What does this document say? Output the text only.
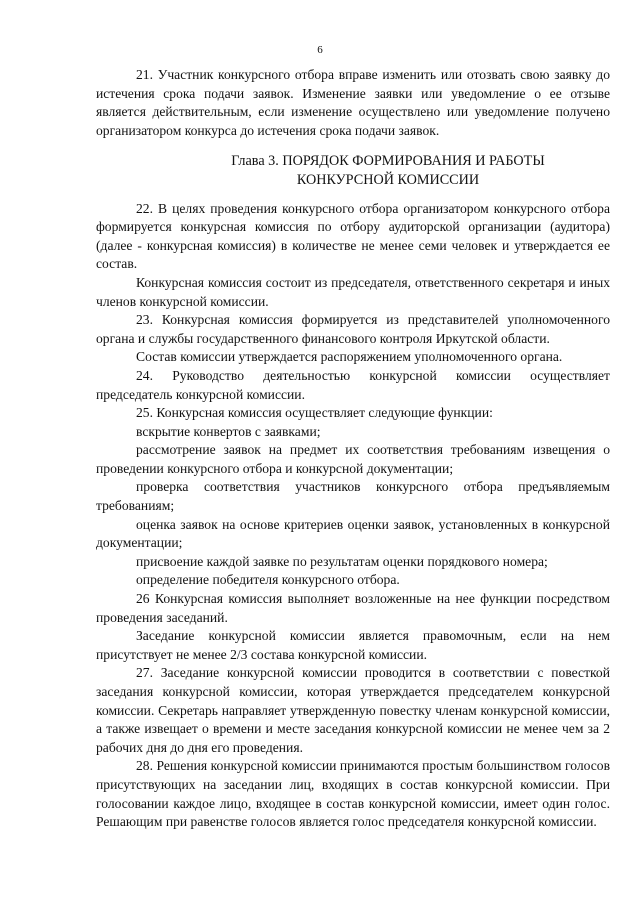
6

21. Участник конкурсного отбора вправе изменить или отозвать свою заявку до истечения срока подачи заявок. Изменение заявки или уведомление о ее отзыве является действительным, если изменение осуществлено или уведомление получено организатором конкурса до истечения срока подачи заявок.

Глава 3. ПОРЯДОК ФОРМИРОВАНИЯ И РАБОТЫ
КОНКУРСНОЙ КОМИССИИ

22. В целях проведения конкурсного отбора организатором конкурсного отбора формируется конкурсная комиссия по отбору аудиторской организации (аудитора) (далее - конкурсная комиссия) в количестве не менее семи человек и утверждается ее состав.

Конкурсная комиссия состоит из председателя, ответственного секретаря и иных членов конкурсной комиссии.

23. Конкурсная комиссия формируется из представителей уполномоченного органа и службы государственного финансового контроля Иркутской области.

Состав комиссии утверждается распоряжением уполномоченного органа.

24. Руководство деятельностью конкурсной комиссии осуществляет председатель конкурсной комиссии.

25. Конкурсная комиссия осуществляет следующие функции:

вскрытие конвертов с заявками;

рассмотрение заявок на предмет их соответствия требованиям извещения о проведении конкурсного отбора и конкурсной документации;

проверка соответствия участников конкурсного отбора предъявляемым требованиям;

оценка заявок на основе критериев оценки заявок, установленных в конкурсной документации;

присвоение каждой заявке по результатам оценки порядкового номера;

определение победителя конкурсного отбора.

26 Конкурсная комиссия выполняет возложенные на нее функции посредством проведения заседаний.

Заседание конкурсной комиссии является правомочным, если на нем присутствует не менее 2/3 состава конкурсной комиссии.

27. Заседание конкурсной комиссии проводится в соответствии с повесткой заседания конкурсной комиссии, которая утверждается председателем конкурсной комиссии. Секретарь направляет утвержденную повестку членам конкурсной комиссии, а также извещает о времени и месте заседания конкурсной комиссии не менее чем за 2 рабочих дня до дня его проведения.

28. Решения конкурсной комиссии принимаются простым большинством голосов присутствующих на заседании лиц, входящих в состав конкурсной комиссии. При голосовании каждое лицо, входящее в состав конкурсной комиссии, имеет один голос. Решающим при равенстве голосов является голос председателя конкурсной комиссии.
